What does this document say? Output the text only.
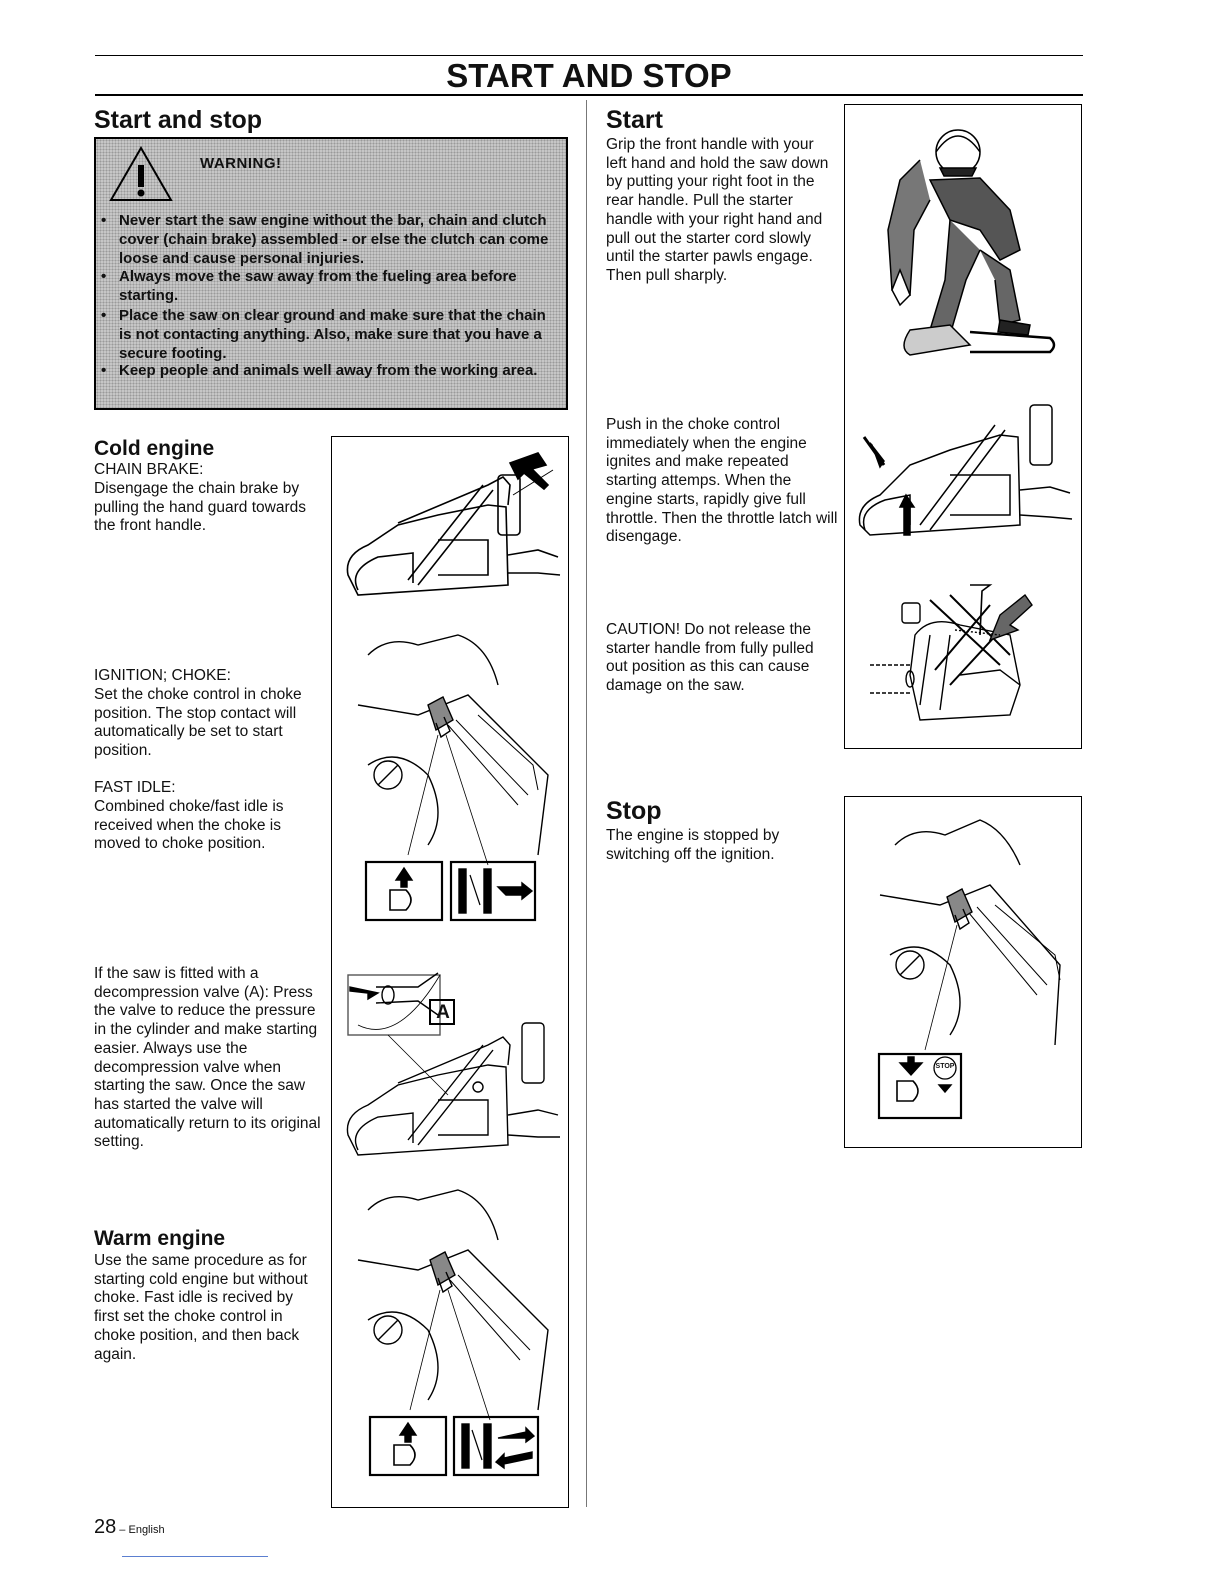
START AND STOP
Start and stop
WARNING!

• Never start the saw engine without the bar, chain and clutch cover (chain brake) assembled - or else the clutch can come loose and cause personal injuries.

• Always move the saw away from the fueling area before starting.

• Place the saw on clear ground and make sure that the chain is not contacting anything. Also, make sure that you have a secure footing.

• Keep people and animals well away from the working area.

Cold engine

CHAIN BRAKE:

Disengage the chain brake by pulling the hand guard towards the front handle.

IGNITION; CHOKE:

Set the choke control in choke position. The stop contact will automatically be set to start position.

FAST IDLE:

Combined choke/fast idle is received when the choke is moved to choke position.

If the saw is fitted with a decompression valve (A): Press the valve to reduce the pressure in the cylinder and make starting easier. Always use the decompression valve when starting the saw. Once the saw has started the valve will automatically return to its original setting.

Warm engine

Use the same procedure as for starting cold engine but without choke. Fast idle is recived by first set the choke control in choke position, and then back again.

A
28 – English
Start

Grip the front handle with your left hand and hold the saw down by putting your right foot in the rear handle. Pull the starter handle with your right hand and pull out the starter cord slowly until the starter pawls engage. Then pull sharply.

Push in the choke control immediately when the engine ignites and make repeated starting attemps. When the engine starts, rapidly give full throttle. Then the throttle latch will disengage.

CAUTION! Do not release the starter handle from fully pulled out position as this can cause damage on the saw.

Stop

The engine is stopped by switching off the ignition.

STOP
